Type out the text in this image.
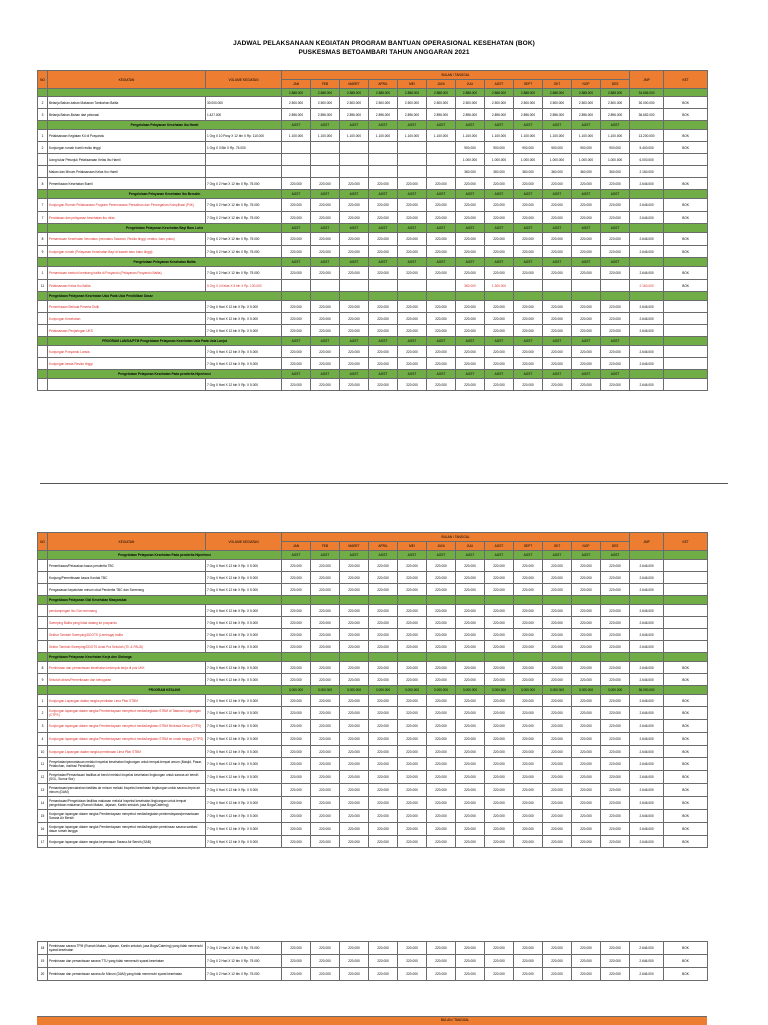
JADWAL PELAKSANAAN KEGIATAN PROGRAM BANTUAN OPERASIONAL KESEHATAN (BOK)
PUSKESMAS BETOAMBARI TAHUN ANGGARAN 2021
NO	KEGIATAN	VOLUME KEGIATAN	BULAN / TANGGAL												JMP	KET
			JAN	FEB	MARET	APRIL	MEI	JUNI	JULI	AGST	SEPT	OKT	NOP	DES		
			2.888.000	2.888.000	2.888.000	2.888.000	2.888.000	2.888.000	2.888.000	2.888.000	2.888.000	2.888.000	2.888.000	2.888.000	34.656.000	
2	Belanja Bahan-bahan Makanan Tambahan Balita	30.000.000	2.500.000	2.500.000	2.500.000	2.500.000	2.500.000	2.500.000	2.500.000	2.500.000	2.500.000	2.500.000	2.500.000	2.500.000	30.000.000	BOK
3	Belanja Bahan-Bahan dari pelunasi	1.427.000	2.896.000	2.896.000	2.896.000	2.896.000	2.896.000	2.896.000	2.896.000	2.896.000	2.896.000	2.896.000	2.896.000	2.896.000	36.652.000	BOK
	Pengelolaan Pelayanan Kesehatan Ibu Hamil		AGST	AGST	AGST	AGST	AGST	AGST	AGST	AGST	AGST	AGST	AGST	AGST		
1	Pelaksanaan Kegiatan K4 di Posyandu	1 Org X 10 Posy X 12 bln X Rp. 110.000	1.100.000	1.100.000	1.100.000	1.100.000	1.100.000	1.100.000	1.100.000	1.100.000	1.100.000	1.100.000	1.100.000	1.100.000	13.200.000	BOK
2	Kunjungan rumah bumil resiko tinggi	1 Org X 3 Bln X Rp. 75.000							900.000	900.000	900.000	900.000	900.000	900.000	5.400.000	BOK
	Uang tukar Petunjuk Pelaksanaan Kelas Ibu Hamil								1.000.000	1.000.000	1.000.000	1.000.000	1.000.000	1.000.000	6.000.000	
	Makan dan Minum Pelaksanaan Kelas Ibu Hamil								360.000	360.000	360.000	360.000	360.000	360.000	2.160.000	
8	Pemeriksaan Kesehatan Bumil	7 Org X 2 Hari X 12 bln X Rp. 75.000	220.000	220.000	220.000	220.000	220.000	220.000	220.000	220.000	220.000	220.000	220.000	220.000	2.646.000	BOK
	Pengelolaan Pelayanan Kesehatan Ibu Bersalin		AGST	AGST	AGST	AGST	AGST	AGST	AGST	AGST	AGST	AGST	AGST	AGST		
7	Kunjungan Rumah Pelaksanaan Program Perencanaan Persalinan dan Pencegahan Komplikasi (P4K)	7 Org X 2 Hari X 12 bln X Rp. 75.000	220.000	220.000	220.000	220.000	220.000	220.000	220.000	220.000	220.000	220.000	220.000	220.000	2.646.000	BOK
7	Pendataan dan pelayanan kesehatan ibu nifas	7 Org X 2 Hari X 12 bln X Rp. 75.000	220.000	220.000	220.000	220.000	220.000	220.000	220.000	220.000	220.000	220.000	220.000	220.000	2.646.000	BOK
	Pengelolaan Pelayanan Kesehatan Bayi Baru Lahir		AGST	AGST	AGST	AGST	AGST	AGST	AGST	AGST	AGST	AGST	AGST	AGST		
8	Pemantauan Kesehatan Neonatus (neonatus Sasaran, Resiko tinggi, neatus, baru putus)	7 Org X 2 Hari X 12 bln X Rp. 75.000	220.000	220.000	220.000	220.000	220.000	220.000	220.000	220.000	220.000	220.000	220.000	220.000	2.646.000	BOK
9	Kunjungan rumah (Pelayanan Kesehatan Bayi di kawah baru baku tinggi)	7 Org X 2 Hari X 12 bln X Rp. 75.000	220.000	220.000	220.000	220.000	220.000	220.000	220.000	220.000	220.000	220.000	220.000	220.000	2.646.000	BOK
	Pengelolaan Pelayanan Kesehatan Balita		AGST	AGST	AGST	AGST	AGST	AGST	AGST	AGST	AGST	AGST	AGST	AGST		
1	Pemantauan tumbuh kembang balita di Posyandu (Pelayanan Posyandu Balita)	7 Org X 2 Hari X 12 bln X Rp. 75.000	220.000	220.000	220.000	220.000	220.000	220.000	220.000	220.000	220.000	220.000	220.000	220.000	2.646.000	BOK
11	Pelaksanaan Kelas Ibu Balita	5 Org X 4 Kelas X 6 bln X Rp. 130.000							360.000	1.300.000					2.160.000	BOK
	Pengelolaan Pelayanan Kesehatan Usia Pada Usia Pendidikan Dasar															
	Pemeriksaan Berkala Peserta Didik	7 Org X Hari X 12 bln X Rp. X 5.000	220.000	220.000	220.000	220.000	220.000	220.000	220.000	220.000	220.000	220.000	220.000	220.000	2.646.000	
	Kunjungan Kesehatan	7 Org X Hari X 12 bln X Rp. X 5.000	220.000	220.000	220.000	220.000	220.000	220.000	220.000	220.000	220.000	220.000	220.000	220.000	2.646.000	
	Pelaksanaan Penjaringan UKS	7 Org X Hari X 12 bln X Rp. X 5.000	220.000	220.000	220.000	220.000	220.000	220.000	220.000	220.000	220.000	220.000	220.000	220.000	2.646.000	
	PROGRAM LANSIA/PTM Pengelolaan Pelayanan Kesehatan Usia Pada Usia Lanjut		AGST	AGST	AGST	AGST	AGST	AGST	AGST	AGST	AGST	AGST	AGST	AGST		
	Kunjungan Posyandu Lansia	7 Org X Hari X 12 bln X Rp. X 5.000	220.000	220.000	220.000	220.000	220.000	220.000	220.000	220.000	220.000	220.000	220.000	220.000	2.646.000	
	Kunjungan lansia Resiko tinggi	7 Org X Hari X 12 bln X Rp. X 5.000	220.000	220.000	220.000	220.000	220.000	220.000	220.000	220.000	220.000	220.000	220.000	220.000	2.646.000	
	Pengelolaan Pelayanan Kesehatan Pada penderita Hipertensi		AGST	AGST	AGST	AGST	AGST	AGST	AGST	AGST	AGST	AGST	AGST	AGST		
		7 Org X Hari X 12 bln X Rp. X 5.000	220.000	220.000	220.000	220.000	220.000	220.000	220.000	220.000	220.000	220.000	220.000	220.000	2.646.000	
NO	KEGIATAN	VOLUME KEGIATAN	BULAN / TANGGAL												JMP	KET
			JAN	FEB	MARET	APRIL	MEI	JUNI	JULI	AGST	SEPT	OKT	NOP	DES		
	Pengelolaan Pelayanan Kesehatan Pada penderita Hipertensi		AGST	AGST	AGST	AGST	AGST	AGST	AGST	AGST	AGST	AGST	AGST	AGST		
	Pemeriksaan/Pelacakan kasus penderita TBC	7 Org X Hari X 12 bln X Rp. X 5.000	220.000	220.000	220.000	220.000	220.000	220.000	220.000	220.000	220.000	220.000	220.000	220.000	2.646.000	
	Kunjung/Pemeriksaan kasus Kontak TBC	7 Org X Hari X 12 bln X Rp. X 5.000	220.000	220.000	220.000	220.000	220.000	220.000	220.000	220.000	220.000	220.000	220.000	220.000	2.646.000	
	Pengawasan kepatuhan minum obat Penderita TBC dan Screening	7 Org X Hari X 12 bln X Rp. X 5.000	220.000	220.000	220.000	220.000	220.000	220.000	220.000	220.000	220.000	220.000	220.000	220.000	2.646.000	
	Pengelolaan Pelayanan Gizi Kesehatan Masyarakat															
	pendampingan Ibu Gizi menmang	7 Org X Hari X 12 bln X Rp. X 5.000	220.000	220.000	220.000	220.000	220.000	220.000	220.000	220.000	220.000	220.000	220.000	220.000	2.646.000	
	Sweeping Balita yang tidak datang ke posyandu	7 Org X Hari X 12 bln X Rp. X 5.000	220.000	220.000	220.000	220.000	220.000	220.000	220.000	220.000	220.000	220.000	220.000	220.000	2.646.000	
	Sekitar Tambah Sweeping/DDOTS (Lembaga) balita	7 Org X Hari X 12 bln X Rp. X 5.000	220.000	220.000	220.000	220.000	220.000	220.000	220.000	220.000	220.000	220.000	220.000	220.000	2.646.000	
	Sektor Tambah Sweeping/DDOTS Anak Pra Sekolah (TK & PAUD)	7 Org X Hari X 12 bln X Rp. X 5.000	220.000	220.000	220.000	220.000	220.000	220.000	220.000	220.000	220.000	220.000	220.000	220.000	2.646.000	
	Pengelolaan Pelayanan Kesehatan Kerja dan Olahraga															
8	Pembinaan dan pemantauan kesehatan kelompok kerja di pos UKK	7 Org X Hari X 12 bln X Rp. X 5.000	220.000	220.000	220.000	220.000	220.000	220.000	220.000	220.000	220.000	220.000	220.000	220.000	2.646.000	BOK
9	Sekolah aktvis/Pemeriksaan dan kebugaran	7 Org X Hari X 12 bln X Rp. X 5.000	220.000	220.000	220.000	220.000	220.000	220.000	220.000	220.000	220.000	220.000	220.000	220.000	2.646.000	BOK
	PROGRAM KESLING		3.000.000	3.000.000	3.000.000	3.000.000	3.000.000	3.000.000	3.000.000	3.000.000	3.000.000	3.000.000	3.000.000	3.000.000	36.000.000	
1	Kunjungan Lapangan dalam rangka penilaian Lima Pilar STBM	7 Org X Hari X 12 bln X Rp. X 5.000	220.000	220.000	220.000	220.000	220.000	220.000	220.000	220.000	220.000	220.000	220.000	220.000	2.646.000	BOK
2	Kunjungan lapangan dalam rangka Pemberdayaan menyebut media/kegiatan STBM di Tatanan Lingkungan (CTPS)	7 Org X Hari X 12 bln X Rp. X 5.000	220.000	220.000	220.000	220.000	220.000	220.000	220.000	220.000	220.000	220.000	220.000	220.000	2.646.000	BOK
3	Kunjungan lapangan dalam rangka Pemberdayaan menyebut media/kegiatan STBM Berbasis Desa (CTPS)	7 Org X Hari X 12 bln X Rp. X 5.000	220.000	220.000	220.000	220.000	220.000	220.000	220.000	220.000	220.000	220.000	220.000	220.000	2.646.000	BOK
4	Kunjungan lapangan dalam rangka Pemberdayaan menyebut media/kegiatan STBM ke umah tangga (CTPS)	7 Org X Hari X 12 bln X Rp. X 5.000	220.000	220.000	220.000	220.000	220.000	220.000	220.000	220.000	220.000	220.000	220.000	220.000	2.646.000	BOK
10	Kunjungan Lapangan dalam rangka pembinaan Lima Pilar STBM	7 Org X Hari X 12 bln X Rp. X 5.000	220.000	220.000	220.000	220.000	220.000	220.000	220.000	220.000	220.000	220.000	220.000	220.000	2.646.000	BOK
11	Penyehatan/pemantauan melalui inspeksi kesehatan lingkungan untuk tempat-tempat umum (Masjid, Pasar, Pelabuhan, Institusi Pendidikan)	7 Org X Hari X 12 bln X Rp. X 5.000	220.000	220.000	220.000	220.000	220.000	220.000	220.000	220.000	220.000	220.000	220.000	220.000	2.646.000	BOK
12	Penyehatan/Pemantauan fasilitas at berchi melalui Inspeksi kesehatan lingkungan untuk sarana air bersih (SGL, Sumur Bor)	7 Org X Hari X 12 bln X Rp. X 5.000	220.000	220.000	220.000	220.000	220.000	220.000	220.000	220.000	220.000	220.000	220.000	220.000	2.646.000	BOK
13	Pemantauan/pencairahan fasilitas air minum melalui Inspeksi kesehatan lingkungan untuk sarana depot air minum (DAM)	7 Org X Hari X 12 bln X Rp. X 5.000	220.000	220.000	220.000	220.000	220.000	220.000	220.000	220.000	220.000	220.000	220.000	220.000	2.646.000	BOK
14	Pemantauan/Pengelolaan fasilitas makanan melalui Inspeksi kesehatan lingkungan untuk tempat pengelolaan makanan (Rumah Makan, Jajanan, Kantin sekolah, jasa Boga/Catering)	7 Org X Hari X 12 bln X Rp. X 5.000	220.000	220.000	220.000	220.000	220.000	220.000	220.000	220.000	220.000	220.000	220.000	220.000	2.646.000	BOK
15	Kunjungan lapangan dalam rangka Pemberdayaan menyebut media/kegiatan pemberdayaan/pemantauan Sarana Air Bersih	7 Org X Hari X 12 bln X Rp. X 5.000	220.000	220.000	220.000	220.000	220.000	220.000	220.000	220.000	220.000	220.000	220.000	220.000	2.646.000	BOK
16	Kunjungan lapangan dalam rangka Pemberdayaan menyebut media/kegiatan pembinaan sarana sanitasi dasar rumah tangga	7 Org X Hari X 12 bln X Rp. X 5.000	220.000	220.000	220.000	220.000	220.000	220.000	220.000	220.000	220.000	220.000	220.000	220.000	2.646.000	BOK
17	Kunjungan lapangan dalam rangka kepemasan Sarana Air Bersih (SAB)	7 Org X Hari X 12 bln X Rp. X 5.000	220.000	220.000	220.000	220.000	220.000	220.000	220.000	220.000	220.000	220.000	220.000	220.000	2.646.000	BOK
18	Pembinaan sarana TPM (Rumah Makan, Jajanan, Kantin sekolah, jasa Boga/Catering) yang tidak memenuhi syarat kesehatan	7 Org X 2 Hari X 12 bln X Rp. 75.000	220.000	220.000	220.000	220.000	220.000	220.000	220.000	220.000	220.000	220.000	220.000	220.000	2.646.000	BOK
19	Pembinaan dan pemantauan sarana TTU yang tidak memenuhi syarat kesehatan	7 Org X 2 Hari X 12 bln X Rp. 75.000	220.000	220.000	220.000	220.000	220.000	220.000	220.000	220.000	220.000	220.000	220.000	220.000	2.646.000	BOK
20	Pembinaan dan pemantauan sarana Air Minum (DAM) yang tidak memenuhi syarat kesehatan	7 Org X 2 Hari X 12 bln X Rp. 75.000	220.000	220.000	220.000	220.000	220.000	220.000	220.000	220.000	220.000	220.000	220.000	220.000	2.646.000	BOK
BULAN / TANGGAL
